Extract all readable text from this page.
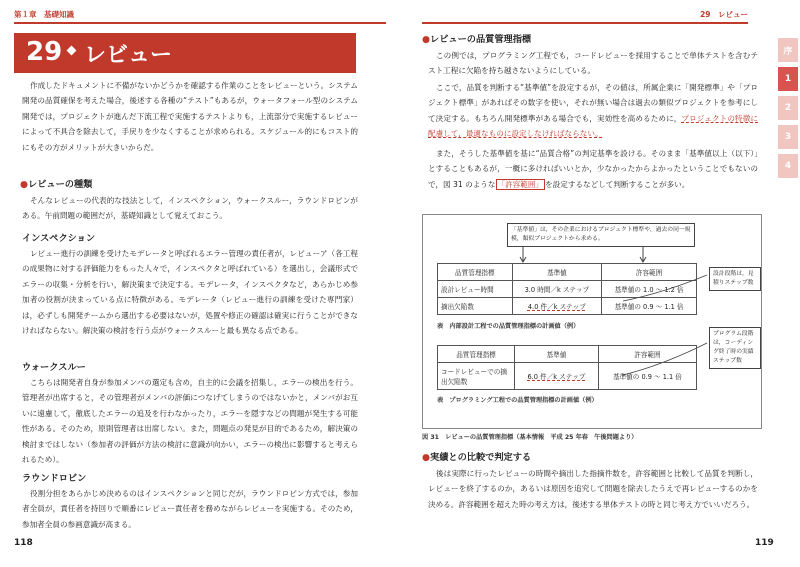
第１章　基礎知識
29 レビュー
作成したドキュメントに不備がないかどうかを確認する作業のことをレビューという。システム開発の品質確保を考えた場合，後述する各種の“テスト”もあるが，ウォータフォール型のシステム開発では，プロジェクトが進んだ下流工程で実施するテストよりも，上流部分で実施するレビューによって不具合を除去して，手戻りを少なくすることが求められる。スケジュール的にもコスト的にもその方がメリットが大きいからだ。
●レビューの種類
そんなレビューの代表的な技法として，インスペクション，ウォークスルー，ラウンドロビンがある。午前問題の範囲だが，基礎知識として覚えておこう。
インスペクション
レビュー進行の訓練を受けたモデレータと呼ばれるエラー管理の責任者が，レビューア（各工程の成果物に対する評価能力をもった人々で，インスペクタと呼ばれている）を選出し，会議形式でエラーの収集・分析を行い，解決策まで決定する。モデレータ，インスペクタなど，あらかじめ参加者の役割が決まっている点に特徴がある。モデレータ（レビュー進行の訓練を受けた専門家）は，必ずしも開発チームから選出する必要はないが，処置や修正の確認は確実に行うことができなければならない。解決策の検討を行う点がウォークスルーと最も異なる点である。
ウォークスルー
こちらは開発者自身が参加メンバの選定も含め，自主的に会議を招集し，エラーの検出を行う。管理者が出席すると，その管理者がメンバの評価につなげてしまうのではないかと，メンバがお互いに遠慮して，徹底したエラーの追及を行わなかったり，エラーを隠すなどの問題が発生する可能性がある。そのため，原則管理者は出席しない。また，問題点の発見が目的であるため，解決策の検討まではしない（参加者の評価が方法の検討に意識が向かい，エラーの検出に影響すると考えられるため）。
ラウンドロビン
役割分担をあらかじめ決めるのはインスペクションと同じだが，ラウンドロビン方式では，参加者全員が，責任者を持回りで順番にレビュー責任者を務めながらレビューを実施する。そのため，参加者全員の参画意識が高まる。
118
29　レビュー
序
1
2
3
4
●レビューの品質管理指標
この例では，プログラミング工程でも，コードレビューを採用することで単体テストを含むテスト工程に欠陥を持ち越さないようにしている。
ここで，品質を判断する“基準値”を設定するが，その値は，所属企業に「開発標準」や「プロジェクト標準」があればその数字を使い，それが無い場合は過去の類似プロジェクトを参考にして決定する。もちろん開発標準がある場合でも，実効性を高めるために，プロジェクトの特徴に配慮して，最適なものに設定しなければならない。
また，そうした基準値を基に“品質合格”の判定基準を設ける。そのまま「基準値以上（以下）」とすることもあるが，一概に多ければいいとか，少なかったからよかったということでもないので，図 31 のような 「許容範囲」 を設定するなどして判断することが多い。
「基準値」は，その企業におけるプロジェクト標準や，過去の同一規模，類似プロジェクトから求める。
品質管理指標	基準値	許容範囲
設計レビュー時間	3.0 時間／k ステップ	基準値の 1.0 〜 1.2 倍
摘出欠陥数	4.0 件／k ステップ	基準値の 0.9 〜 1.1 倍
設計段階は，見積りステップ数
表　内部設計工程での品質管理指標の計画値（例）
品質管理指標	基準値	許容範囲
コードレビューでの摘出欠陥数	6.0 件／k ステップ	基準値の 0.9 〜 1.1 倍
プログラム段階は，コーディング終了時の実績ステップ数
表　プログラミング工程での品質管理指標の計画値（例）
図 31　レビューの品質管理指標（基本情報　平成 25 年春　午後問題より）
●実績との比較で判定する
後は実際に行ったレビューの時間や摘出した指摘件数を，許容範囲と比較して品質を判断し，レビューを終了するのか，あるいは原因を追究して問題を除去したうえで再レビューするのかを決める。許容範囲を超えた時の考え方は，後述する単体テストの時と同じ考え方でいいだろう。
119
